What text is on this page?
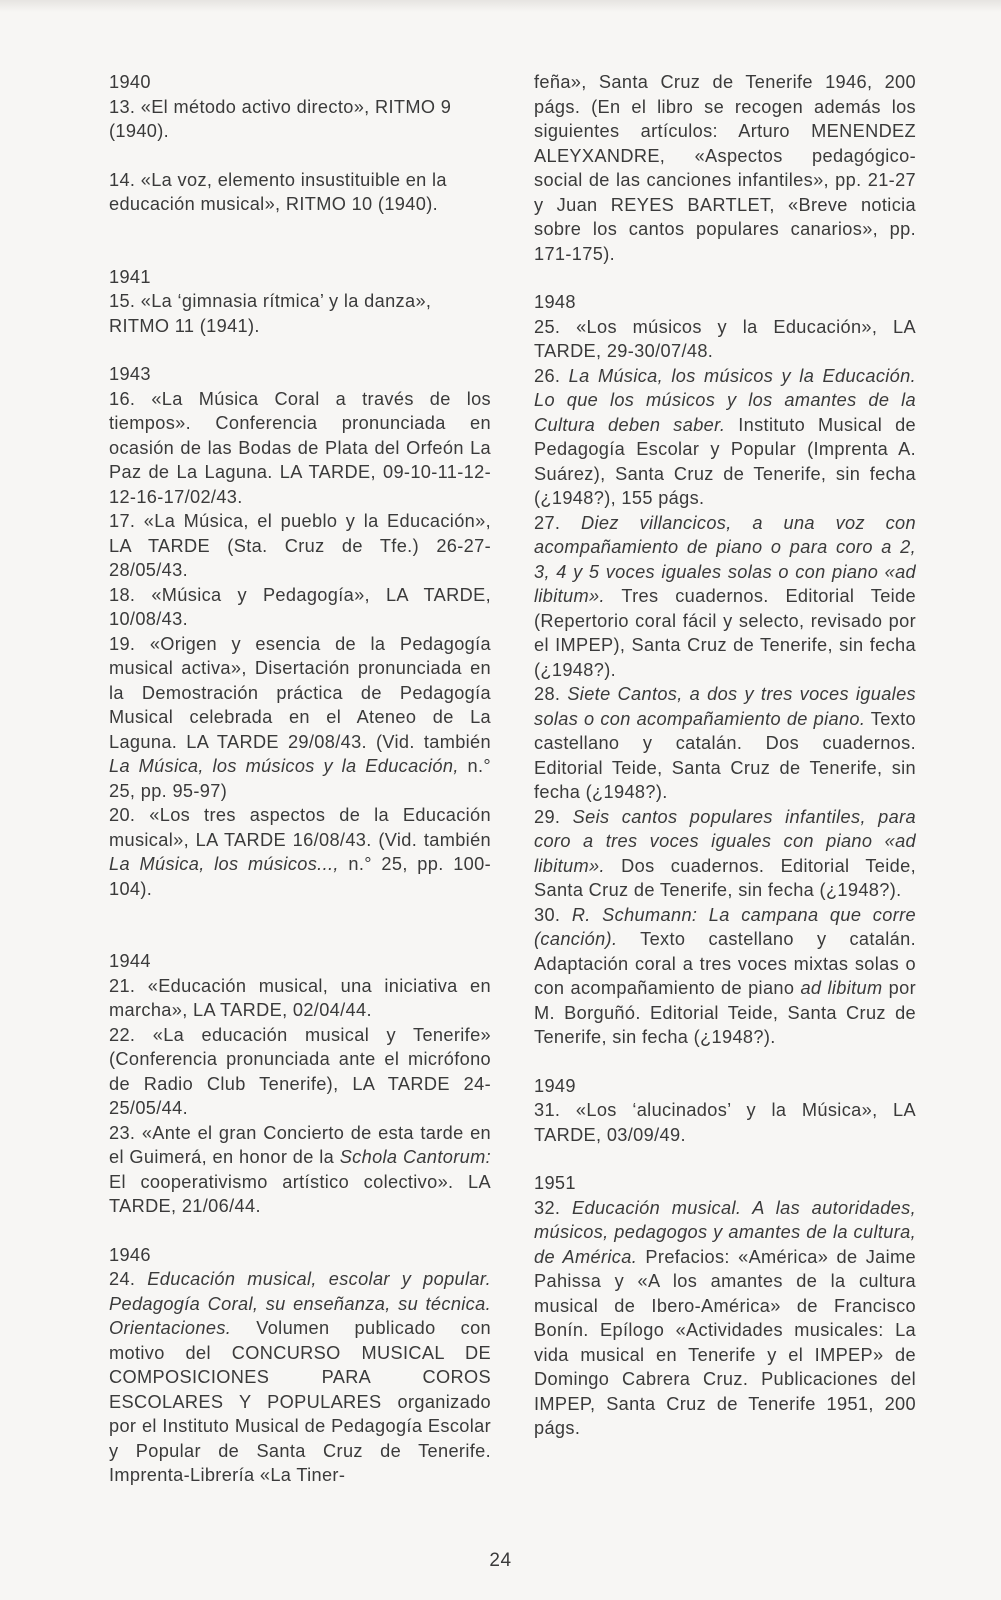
1940

13. «El método activo directo», RITMO 9 (1940).

14. «La voz, elemento insustituible en la educación musical», RITMO 10 (1940).

1941

15. «La ‘gimnasia rítmica’ y la danza», RITMO 11 (1941).

1943

16. «La Música Coral a través de los tiempos». Conferencia pronunciada en ocasión de las Bodas de Plata del Orfeón La Paz de La Laguna. LA TARDE, 09-10-11-12-12-16-17/02/43.

17. «La Música, el pueblo y la Educación», LA TARDE (Sta. Cruz de Tfe.) 26-27-28/05/43.

18. «Música y Pedagogía», LA TARDE, 10/08/43.

19. «Origen y esencia de la Pedagogía musical activa», Disertación pronunciada en la Demostración práctica de Pedagogía Musical celebrada en el Ateneo de La Laguna. LA TARDE 29/08/43. (Vid. también La Música, los músicos y la Educación, n.° 25, pp. 95-97)

20. «Los tres aspectos de la Educación musical», LA TARDE 16/08/43. (Vid. también La Música, los músicos..., n.° 25, pp. 100-104).

1944

21. «Educación musical, una iniciativa en marcha», LA TARDE, 02/04/44.

22. «La educación musical y Tenerife» (Conferencia pronunciada ante el micrófono de Radio Club Tenerife), LA TARDE 24-25/05/44.

23. «Ante el gran Concierto de esta tarde en el Guimerá, en honor de la Schola Cantorum: El cooperativismo artístico colectivo». LA TARDE, 21/06/44.

1946

24. Educación musical, escolar y popular. Pedagogía Coral, su enseñanza, su técnica. Orientaciones. Volumen publicado con motivo del CONCURSO MUSICAL DE COMPOSICIONES PARA COROS ESCOLARES Y POPULARES organizado por el Instituto Musical de Pedagogía Escolar y Popular de Santa Cruz de Tenerife. Imprenta-Librería «La Tiner-

feña», Santa Cruz de Tenerife 1946, 200 págs. (En el libro se recogen además los siguientes artículos: Arturo MENENDEZ ALEYXANDRE, «Aspectos pedagógico-social de las canciones infantiles», pp. 21-27 y Juan REYES BARTLET, «Breve noticia sobre los cantos populares canarios», pp. 171-175).

1948

25. «Los músicos y la Educación», LA TARDE, 29-30/07/48.

26. La Música, los músicos y la Educación. Lo que los músicos y los amantes de la Cultura deben saber. Instituto Musical de Pedagogía Escolar y Popular (Imprenta A. Suárez), Santa Cruz de Tenerife, sin fecha (¿1948?), 155 págs.

27. Diez villancicos, a una voz con acompañamiento de piano o para coro a 2, 3, 4 y 5 voces iguales solas o con piano «ad libitum». Tres cuadernos. Editorial Teide (Repertorio coral fácil y selecto, revisado por el IMPEP), Santa Cruz de Tenerife, sin fecha (¿1948?).

28. Siete Cantos, a dos y tres voces iguales solas o con acompañamiento de piano. Texto castellano y catalán. Dos cuadernos. Editorial Teide, Santa Cruz de Tenerife, sin fecha (¿1948?).

29. Seis cantos populares infantiles, para coro a tres voces iguales con piano «ad libitum». Dos cuadernos. Editorial Teide, Santa Cruz de Tenerife, sin fecha (¿1948?).

30. R. Schumann: La campana que corre (canción). Texto castellano y catalán. Adaptación coral a tres voces mixtas solas o con acompañamiento de piano ad libitum por M. Borguñó. Editorial Teide, Santa Cruz de Tenerife, sin fecha (¿1948?).

1949

31. «Los ‘alucinados’ y la Música», LA TARDE, 03/09/49.

1951

32. Educación musical. A las autoridades, músicos, pedagogos y amantes de la cultura, de América. Prefacios: «América» de Jaime Pahissa y «A los amantes de la cultura musical de Ibero-América» de Francisco Bonín. Epílogo «Actividades musicales: La vida musical en Tenerife y el IMPEP» de Domingo Cabrera Cruz. Publicaciones del IMPEP, Santa Cruz de Tenerife 1951, 200 págs.

24
